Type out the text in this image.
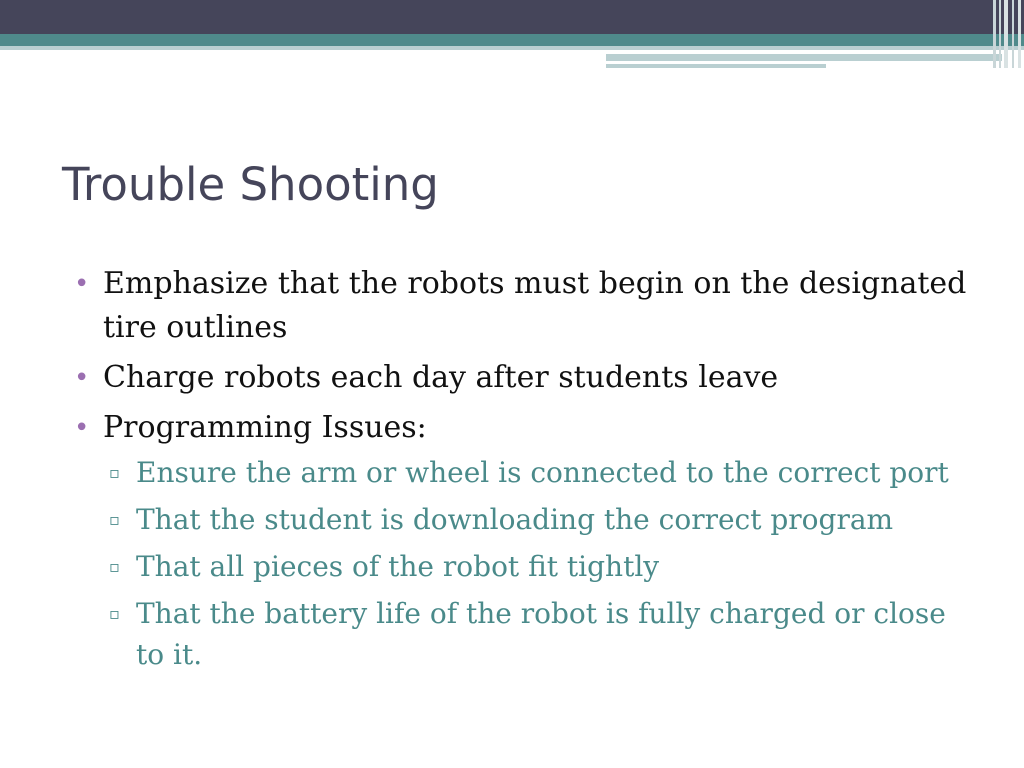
Trouble Shooting
• Emphasize that the robots must begin on the designated tire outlines
• Charge robots each day after students leave
• Programming Issues:
▫ Ensure the arm or wheel is connected to the correct port
▫ That the student is downloading the correct program
▫ That all pieces of the robot fit tightly
▫ That the battery life of the robot is fully charged or close to it.
